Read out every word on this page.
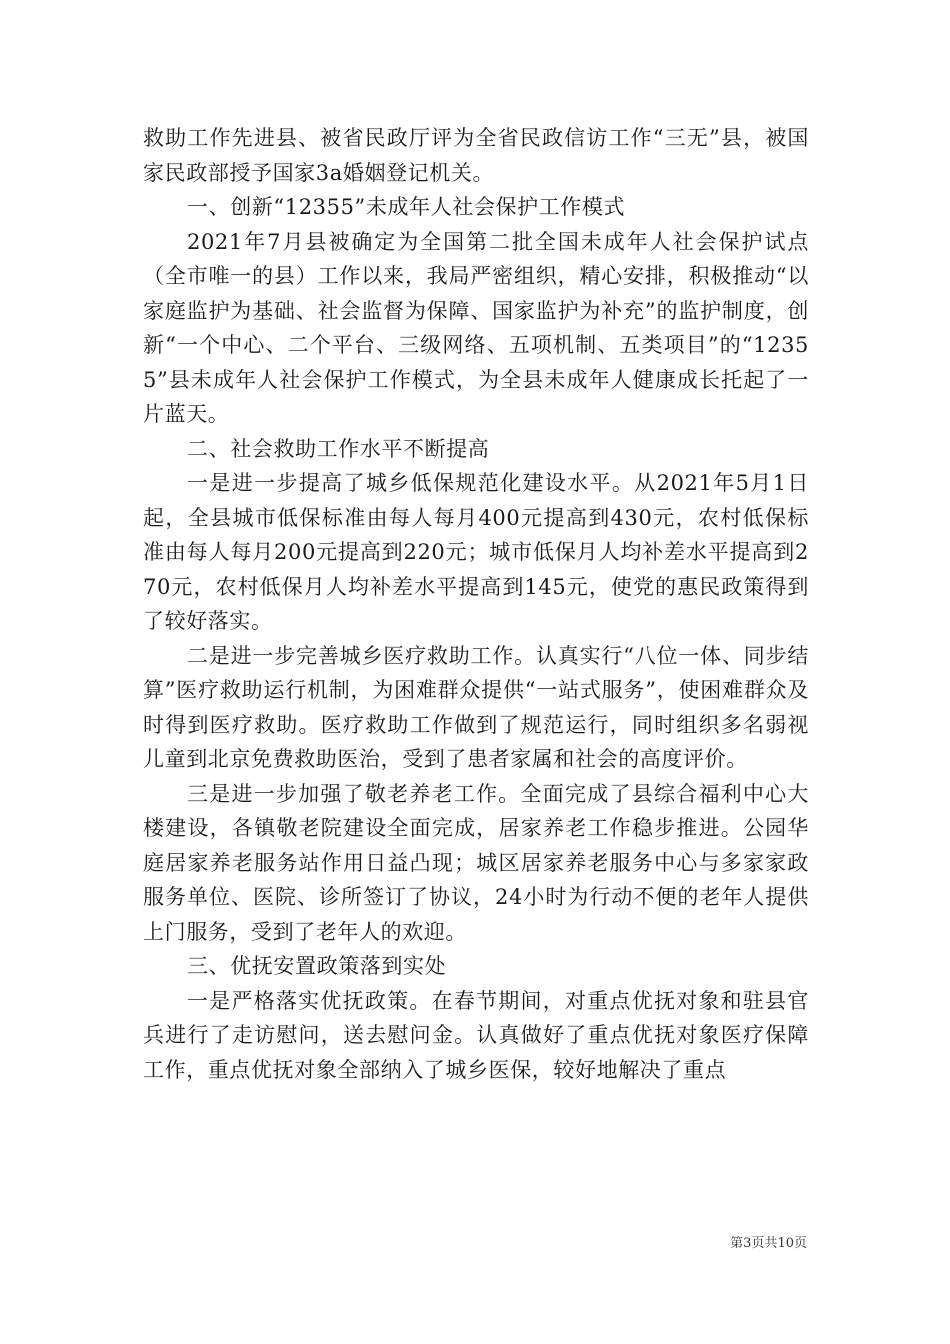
救助工作先进县、被省民政厅评为全省民政信访工作“三无”县，被国家民政部授予国家3a婚姻登记机关。

一、创新“12355”未成年人社会保护工作模式

2021年7月县被确定为全国第二批全国未成年人社会保护试点（全市唯一的县）工作以来，我局严密组织，精心安排，积极推动“以家庭监护为基础、社会监督为保障、国家监护为补充”的监护制度，创新“一个中心、二个平台、三级网络、五项机制、五类项目”的“12355”县未成年人社会保护工作模式，为全县未成年人健康成长托起了一片蓝天。

二、社会救助工作水平不断提高

一是进一步提高了城乡低保规范化建设水平。从2021年5月1日起，全县城市低保标准由每人每月400元提高到430元，农村低保标准由每人每月200元提高到220元；城市低保月人均补差水平提高到270元，农村低保月人均补差水平提高到145元，使党的惠民政策得到了较好落实。

二是进一步完善城乡医疗救助工作。认真实行“八位一体、同步结算”医疗救助运行机制，为困难群众提供“一站式服务”，使困难群众及时得到医疗救助。医疗救助工作做到了规范运行，同时组织多名弱视儿童到北京免费救助医治，受到了患者家属和社会的高度评价。

三是进一步加强了敬老养老工作。全面完成了县综合福利中心大楼建设，各镇敬老院建设全面完成，居家养老工作稳步推进。公园华庭居家养老服务站作用日益凸现；城区居家养老服务中心与多家家政服务单位、医院、诊所签订了协议，24小时为行动不便的老年人提供上门服务，受到了老年人的欢迎。

三、优抚安置政策落到实处

一是严格落实优抚政策。在春节期间，对重点优抚对象和驻县官兵进行了走访慰问，送去慰问金。认真做好了重点优抚对象医疗保障工作，重点优抚对象全部纳入了城乡医保，较好地解决了重点

第3页共10页
